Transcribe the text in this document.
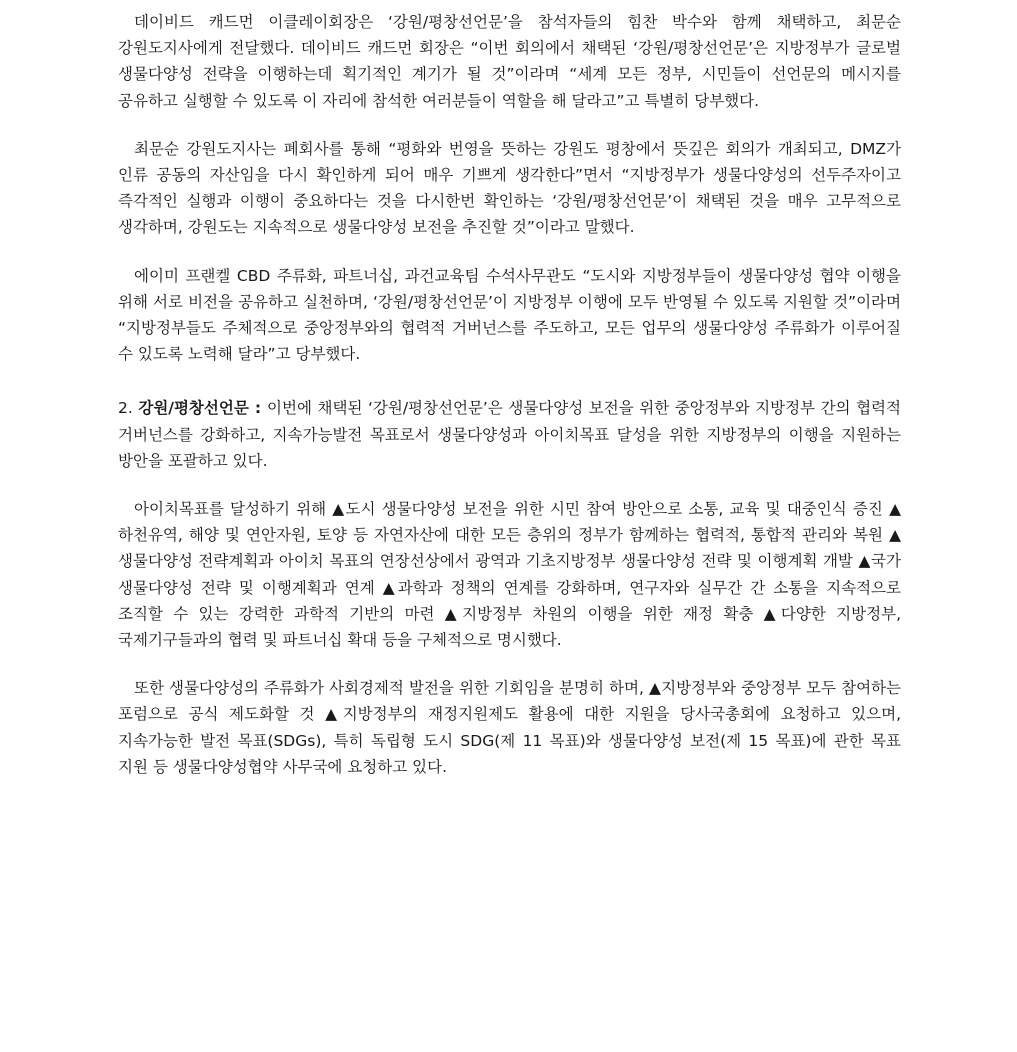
데이비드 캐드먼 이클레이회장은 ‘강원/평창선언문’을 참석자들의 힘찬 박수와 함께 채택하고, 최문순 강원도지사에게 전달했다. 데이비드 캐드먼 회장은 “이번 회의에서 채택된 ‘강원/평창선언문’은 지방정부가 글로벌 생물다양성 전략을 이행하는데 획기적인 계기가 될 것”이라며 “세계 모든 정부, 시민들이 선언문의 메시지를 공유하고 실행할 수 있도록 이 자리에 참석한 여러분들이 역할을 해 달라고”고 특별히 당부했다.

최문순 강원도지사는 폐회사를 통해 “평화와 번영을 뜻하는 강원도 평창에서 뜻깊은 회의가 개최되고, DMZ가 인류 공동의 자산임을 다시 확인하게 되어 매우 기쁘게 생각한다”면서 “지방정부가 생물다양성의 선두주자이고 즉각적인 실행과 이행이 중요하다는 것을 다시한번 확인하는 ‘강원/평창선언문’이 채택된 것을 매우 고무적으로 생각하며, 강원도는 지속적으로 생물다양성 보전을 추진할 것”이라고 말했다.

에이미 프랜켈 CBD 주류화, 파트너십, 과건교육팀 수석사무관도 “도시와 지방정부들이 생물다양성 협약 이행을 위해 서로 비전을 공유하고 실천하며, ‘강원/평창선언문’이 지방정부 이행에 모두 반영될 수 있도록 지원할 것”이라며 “지방정부들도 주체적으로 중앙정부와의 협력적 거버넌스를 주도하고, 모든 업무의 생물다양성 주류화가 이루어질 수 있도록 노력해 달라”고 당부했다.

2. 강원/평창선언문 : 이번에 채택된 ‘강원/평창선언문’은 생물다양성 보전을 위한 중앙정부와 지방정부 간의 협력적 거버넌스를 강화하고, 지속가능발전 목표로서 생물다양성과 아이치목표 달성을 위한 지방정부의 이행을 지원하는 방안을 포괄하고 있다.

아이치목표를 달성하기 위해 ▲도시 생물다양성 보전을 위한 시민 참여 방안으로 소통, 교육 및 대중인식 증진 ▲하천유역, 해양 및 연안자원, 토양 등 자연자산에 대한 모든 층위의 정부가 함께하는 협력적, 통합적 관리와 복원 ▲생물다양성 전략계획과 아이치 목표의 연장선상에서 광역과 기초지방정부 생물다양성 전략 및 이행계획 개발 ▲국가 생물다양성 전략 및 이행계획과 연계 ▲과학과 정책의 연계를 강화하며, 연구자와 실무간 간 소통을 지속적으로 조직할 수 있는 강력한 과학적 기반의 마련 ▲지방정부 차원의 이행을 위한 재정 확충 ▲다양한 지방정부, 국제기구들과의 협력 및 파트너십 확대 등을 구체적으로 명시했다.

또한 생물다양성의 주류화가 사회경제적 발전을 위한 기회임을 분명히 하며, ▲지방정부와 중앙정부 모두 참여하는 포럼으로 공식 제도화할 것 ▲지방정부의 재정지원제도 활용에 대한 지원을 당사국총회에 요청하고 있으며, 지속가능한 발전 목표(SDGs), 특히 독립형 도시 SDG(제 11 목표)와 생물다양성 보전(제 15 목표)에 관한 목표 지원 등 생물다양성협약 사무국에 요청하고 있다.
